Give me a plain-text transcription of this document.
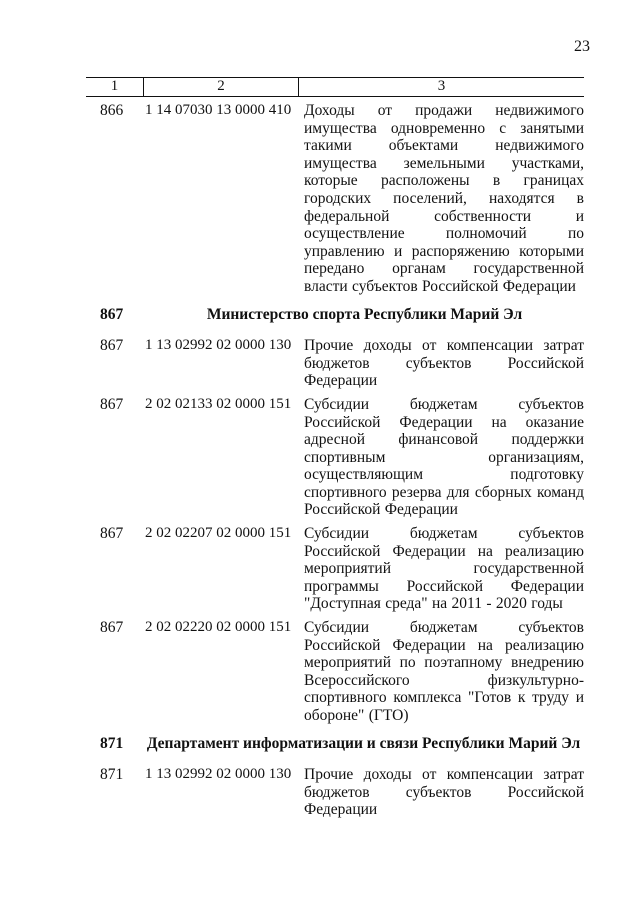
23
1	2	3
866	1 14 07030 13 0000 410 Доходы от продажи недвижимого имущества одновременно с занятыми такими объектами недвижимого имущества земельными участками, которые расположены в границах городских поселений, находятся в федеральной собственности и осуществление полномочий по управлению и распоряжению которыми передано органам государственной власти субъектов Российской Федерации
867	Министерство спорта Республики Марий Эл
867	1 13 02992 02 0000 130 Прочие доходы от компенсации затрат бюджетов субъектов Российской Федерации
867	2 02 02133 02 0000 151 Субсидии бюджетам субъектов Российской Федерации на оказание адресной финансовой поддержки спортивным организациям, осуществляющим подготовку спортивного резерва для сборных команд Российской Федерации
867	2 02 02207 02 0000 151 Субсидии бюджетам субъектов Российской Федерации на реализацию мероприятий государственной программы Российской Федерации "Доступная среда" на 2011 - 2020 годы
867	2 02 02220 02 0000 151 Субсидии бюджетам субъектов Российской Федерации на реализацию мероприятий по поэтапному внедрению Всероссийского физкультурно-спортивного комплекса "Готов к труду и обороне" (ГТО)
871	Департамент информатизации и связи Республики Марий Эл
871	1 13 02992 02 0000 130 Прочие доходы от компенсации затрат бюджетов субъектов Российской Федерации
